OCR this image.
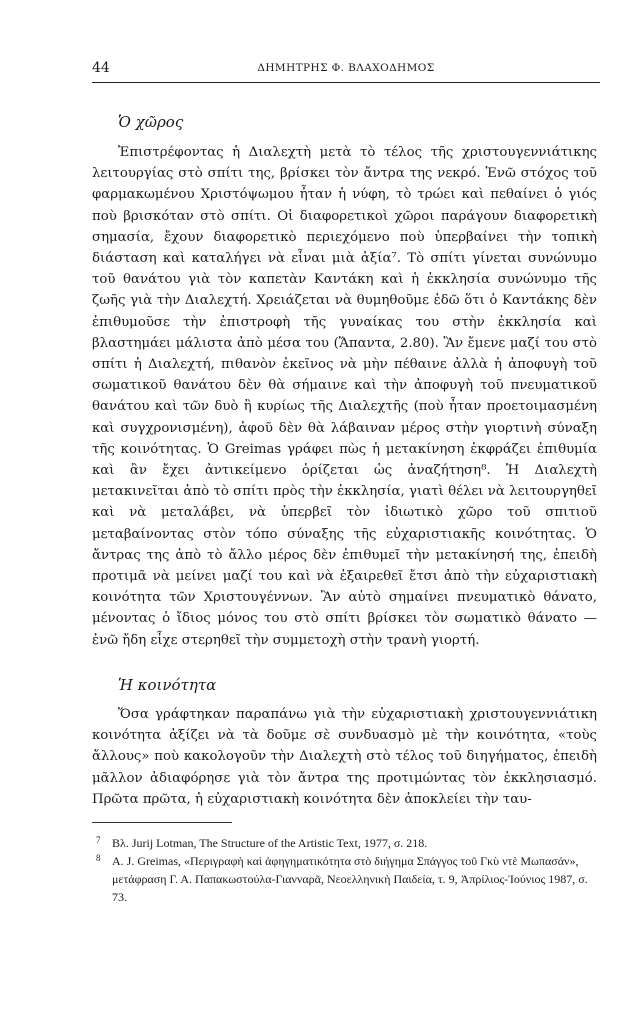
44	ΔΗΜΗΤΡΗΣ Φ. ΒΛΑΧΟΔΗΜΟΣ
Ὁ χῶρος

Ἐπιστρέφοντας ἡ Διαλεχτὴ μετὰ τὸ τέλος τῆς χριστουγεννιάτικης λειτουργίας στὸ σπίτι της, βρίσκει τὸν ἄντρα της νεκρό. Ἐνῶ στόχος τοῦ φαρμακωμένου Χριστόψωμου ἦταν ἡ νύφη, τὸ τρώει καὶ πεθαίνει ὁ γιός ποὺ βρισκόταν στὸ σπίτι. Οἱ διαφορετικοὶ χῶροι παράγουν διαφορετικὴ σημασία, ἔχουν διαφορετικὸ περιεχόμενο ποὺ ὑπερβαίνει τὴν τοπικὴ διάσταση καὶ καταλήγει νὰ εἶναι μιὰ ἀξία⁷. Τὸ σπίτι γίνεται συνώνυμο τοῦ θανάτου γιὰ τὸν καπετὰν Καντάκη καὶ ἡ ἐκκλησία συνώνυμο τῆς ζωῆς γιὰ τὴν Διαλεχτή. Χρειάζεται νὰ θυμηθοῦμε ἐδῶ ὅτι ὁ Καντάκης δὲν ἐπιθυμοῦσε τὴν ἐπιστροφὴ τῆς γυναίκας του στὴν ἐκκλησία καὶ βλαστημάει μάλιστα ἀπὸ μέσα του (Ἅπαντα, 2.80). Ἂν ἔμενε μαζί του στὸ σπίτι ἡ Διαλεχτή, πιθανὸν ἐκεῖνος νὰ μὴν πέθαινε ἀλλὰ ἡ ἀποφυγὴ τοῦ σωματικοῦ θανάτου δὲν θὰ σήμαινε καὶ τὴν ἀποφυγὴ τοῦ πνευματικοῦ θανάτου καὶ τῶν δυὸ ἢ κυρίως τῆς Διαλεχτῆς (ποὺ ἦταν προετοιμασμένη καὶ συγχρονισμένη), ἀφοῦ δὲν θὰ λάβαιναν μέρος στὴν γιορτινὴ σύναξη τῆς κοινότητας. Ὁ Greimas γράφει πὼς ἡ μετακίνηση ἐκφράζει ἐπιθυμία καὶ ἂν ἔχει ἀντικείμενο ὁρίζεται ὡς ἀναζήτηση⁸. Ἡ Διαλεχτὴ μετακινεῖται ἀπὸ τὸ σπίτι πρὸς τὴν ἐκκλησία, γιατὶ θέλει νὰ λειτουργηθεῖ καὶ νὰ μεταλάβει, νὰ ὑπερβεῖ τὸν ἰδιωτικὸ χῶρο τοῦ σπιτιοῦ μεταβαίνοντας στὸν τόπο σύναξης τῆς εὐχαριστιακῆς κοινότητας. Ὁ ἄντρας της ἀπὸ τὸ ἄλλο μέρος δὲν ἐπιθυμεῖ τὴν μετακίνησή της, ἐπειδὴ προτιμᾶ νὰ μείνει μαζί του καὶ νὰ ἐξαιρεθεῖ ἔτσι ἀπὸ τὴν εὐχαριστιακὴ κοινότητα τῶν Χριστουγέννων. Ἂν αὐτὸ σημαίνει πνευματικὸ θάνατο, μένοντας ὁ ἴδιος μόνος του στὸ σπίτι βρίσκει τὸν σωματικὸ θάνατο — ἐνῶ ἤδη εἶχε στερηθεῖ τὴν συμμετοχὴ στὴν τρανὴ γιορτή.

Ἡ κοινότητα

Ὅσα γράφτηκαν παραπάνω γιὰ τὴν εὐχαριστιακὴ χριστουγεννιάτικη κοινότητα ἀξίζει νὰ τὰ δοῦμε σὲ συνδυασμὸ μὲ τὴν κοινότητα, «τοὺς ἄλλους» ποὺ κακολογοῦν τὴν Διαλεχτὴ στὸ τέλος τοῦ διηγήματος, ἐπειδὴ μᾶλλον ἀδιαφόρησε γιὰ τὸν ἄντρα της προτιμώντας τὸν ἐκκλησιασμό. Πρῶτα πρῶτα, ἡ εὐχαριστιακὴ κοινότητα δὲν ἀποκλείει τὴν ταυ-

7 Βλ. Jurij Lotman, The Structure of the Artistic Text, 1977, σ. 218.
8 A. J. Greimas, «Περιγραφὴ καὶ ἀφηγηματικότητα στὸ διήγημα Σπάγγος τοῦ Γκὺ ντὲ Μωπασάν», μετάφραση Γ. Α. Παπακωστούλα-Γιανναρᾶ, Νεοελληνικὴ Παιδεία, τ. 9, Ἀπρίλιος-Ἰούνιος 1987, σ. 73.
